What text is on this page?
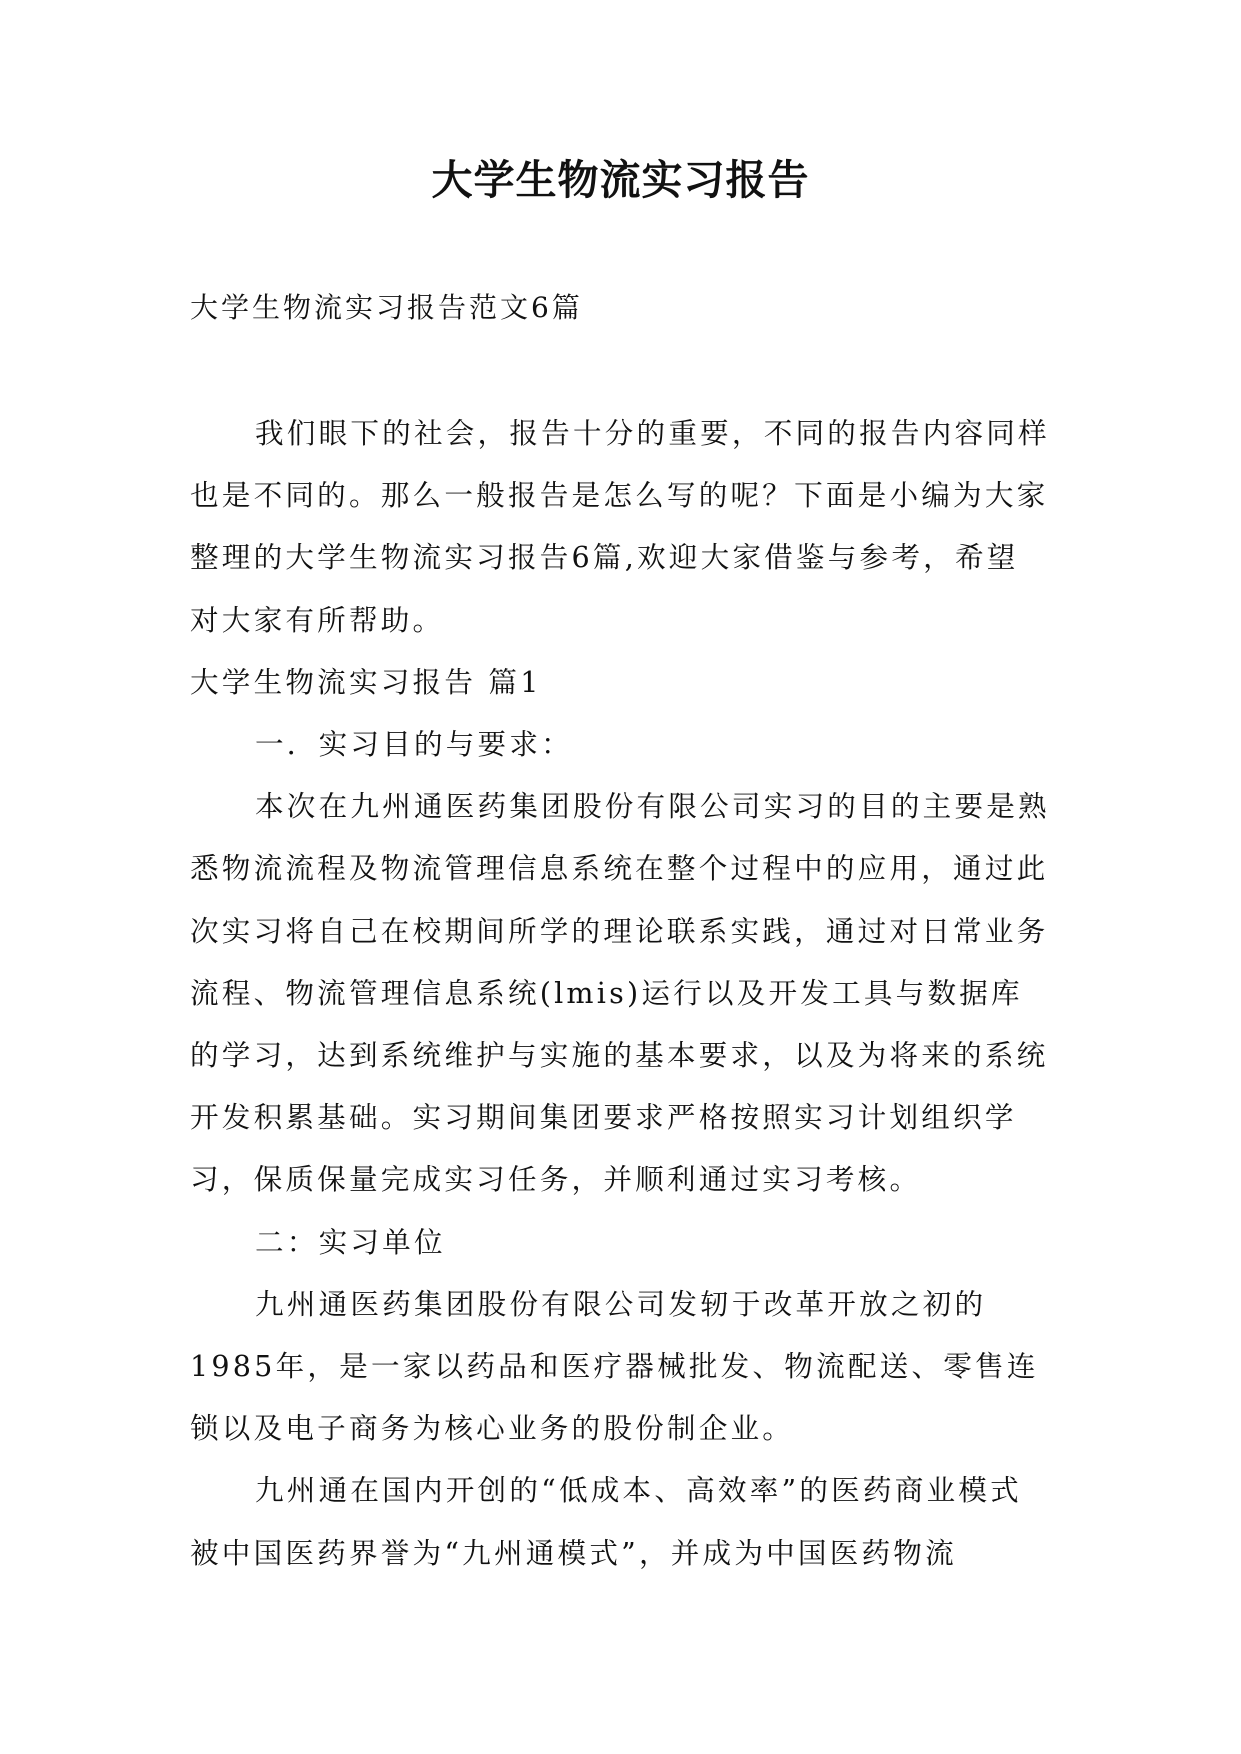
大学生物流实习报告
大学生物流实习报告范文6篇

我们眼下的社会，报告十分的重要，不同的报告内容同样也是不同的。那么一般报告是怎么写的呢？下面是小编为大家整理的大学生物流实习报告6篇,欢迎大家借鉴与参考，希望对大家有所帮助。

大学生物流实习报告 篇1

一．实习目的与要求：

本次在九州通医药集团股份有限公司实习的目的主要是熟悉物流流程及物流管理信息系统在整个过程中的应用，通过此次实习将自己在校期间所学的理论联系实践，通过对日常业务流程、物流管理信息系统(lmis)运行以及开发工具与数据库的学习，达到系统维护与实施的基本要求，以及为将来的系统开发积累基础。实习期间集团要求严格按照实习计划组织学习，保质保量完成实习任务，并顺利通过实习考核。

二：实习单位

九州通医药集团股份有限公司发轫于改革开放之初的1985年，是一家以药品和医疗器械批发、物流配送、零售连锁以及电子商务为核心业务的股份制企业。

九州通在国内开创的“低成本、高效率”的医药商业模式被中国医药界誉为“九州通模式”，并成为中国医药物流
